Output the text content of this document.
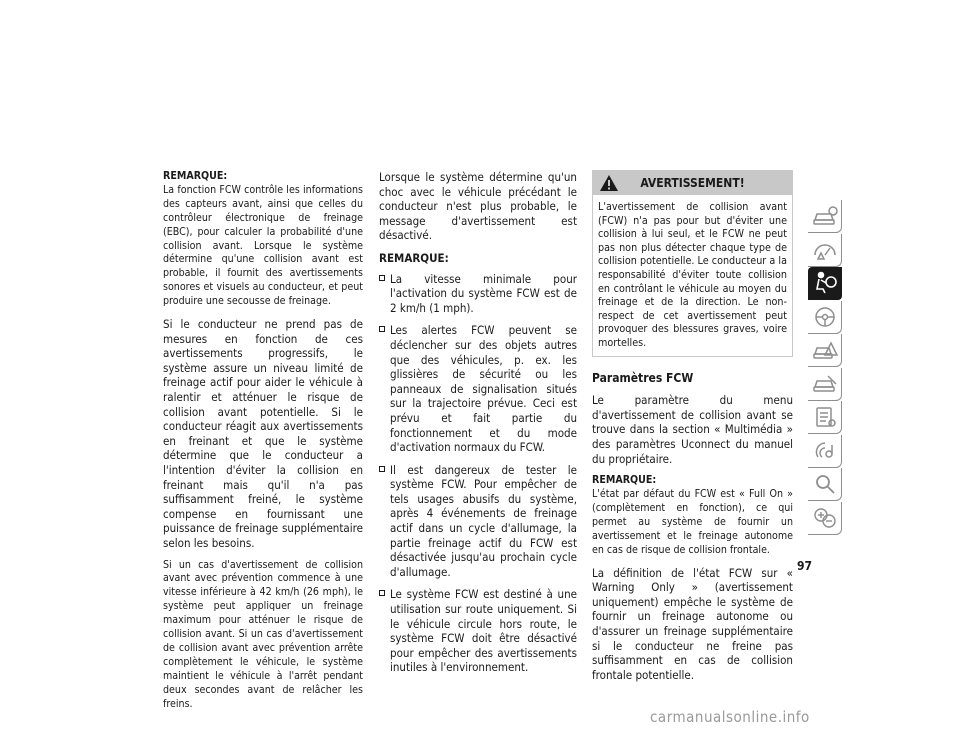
REMARQUE:
La fonction FCW contrôle les informations des capteurs avant, ainsi que celles du contrôleur électronique de freinage (EBC), pour calculer la probabilité d'une collision avant. Lorsque le système détermine qu'une collision avant est probable, il fournit des avertissements sonores et visuels au conducteur, et peut produire une secousse de freinage.

Si le conducteur ne prend pas de mesures en fonction de ces avertissements progressifs, le système assure un niveau limité de freinage actif pour aider le véhicule à ralentir et atténuer le risque de collision avant potentielle. Si le conducteur réagit aux avertissements en freinant et que le système détermine que le conducteur a l'intention d'éviter la collision en freinant mais qu'il n'a pas suffisamment freiné, le système compense en fournissant une puissance de freinage supplémentaire selon les besoins.

Si un cas d'avertissement de collision avant avec prévention commence à une vitesse inférieure à 42 km/h (26 mph), le système peut appliquer un freinage maximum pour atténuer le risque de collision avant. Si un cas d'avertissement de collision avant avec prévention arrête complètement le véhicule, le système maintient le véhicule à l'arrêt pendant deux secondes avant de relâcher les freins.

Lorsque le système détermine qu'un choc avec le véhicule précédant le conducteur n'est plus probable, le message d'avertissement est désactivé.

REMARQUE:

La vitesse minimale pour l'activation du système FCW est de 2 km/h (1 mph).
Les alertes FCW peuvent se déclencher sur des objets autres que des véhicules, p. ex. les glissières de sécurité ou les panneaux de signalisation situés sur la trajectoire prévue. Ceci est prévu et fait partie du fonctionnement et du mode d'activation normaux du FCW.
Il est dangereux de tester le système FCW. Pour empêcher de tels usages abusifs du système, après 4 événements de freinage actif dans un cycle d'allumage, la partie freinage actif du FCW est désactivée jusqu'au prochain cycle d'allumage.
Le système FCW est destiné à une utilisation sur route uniquement. Si le véhicule circule hors route, le système FCW doit être désactivé pour empêcher des avertissements inutiles à l'environnement.
AVERTISSEMENT!
L'avertissement de collision avant (FCW) n'a pas pour but d'éviter une collision à lui seul, et le FCW ne peut pas non plus détecter chaque type de collision potentielle. Le conducteur a la responsabilité d'éviter toute collision en contrôlant le véhicule au moyen du freinage et de la direction. Le non-respect de cet avertissement peut provoquer des blessures graves, voire mortelles.
Paramètres FCW

Le paramètre du menu d'avertissement de collision avant se trouve dans la section « Multimédia » des paramètres Uconnect du manuel du propriétaire.

REMARQUE:
L'état par défaut du FCW est « Full On » (complètement en fonction), ce qui permet au système de fournir un avertissement et le freinage autonome en cas de risque de collision frontale.

La définition de l'état FCW sur « Warning Only » (avertissement uniquement) empêche le système de fournir un freinage autonome ou d'assurer un freinage supplémentaire si le conducteur ne freine pas suffisamment en cas de collision frontale potentielle.

97
carmanualsonline.info
